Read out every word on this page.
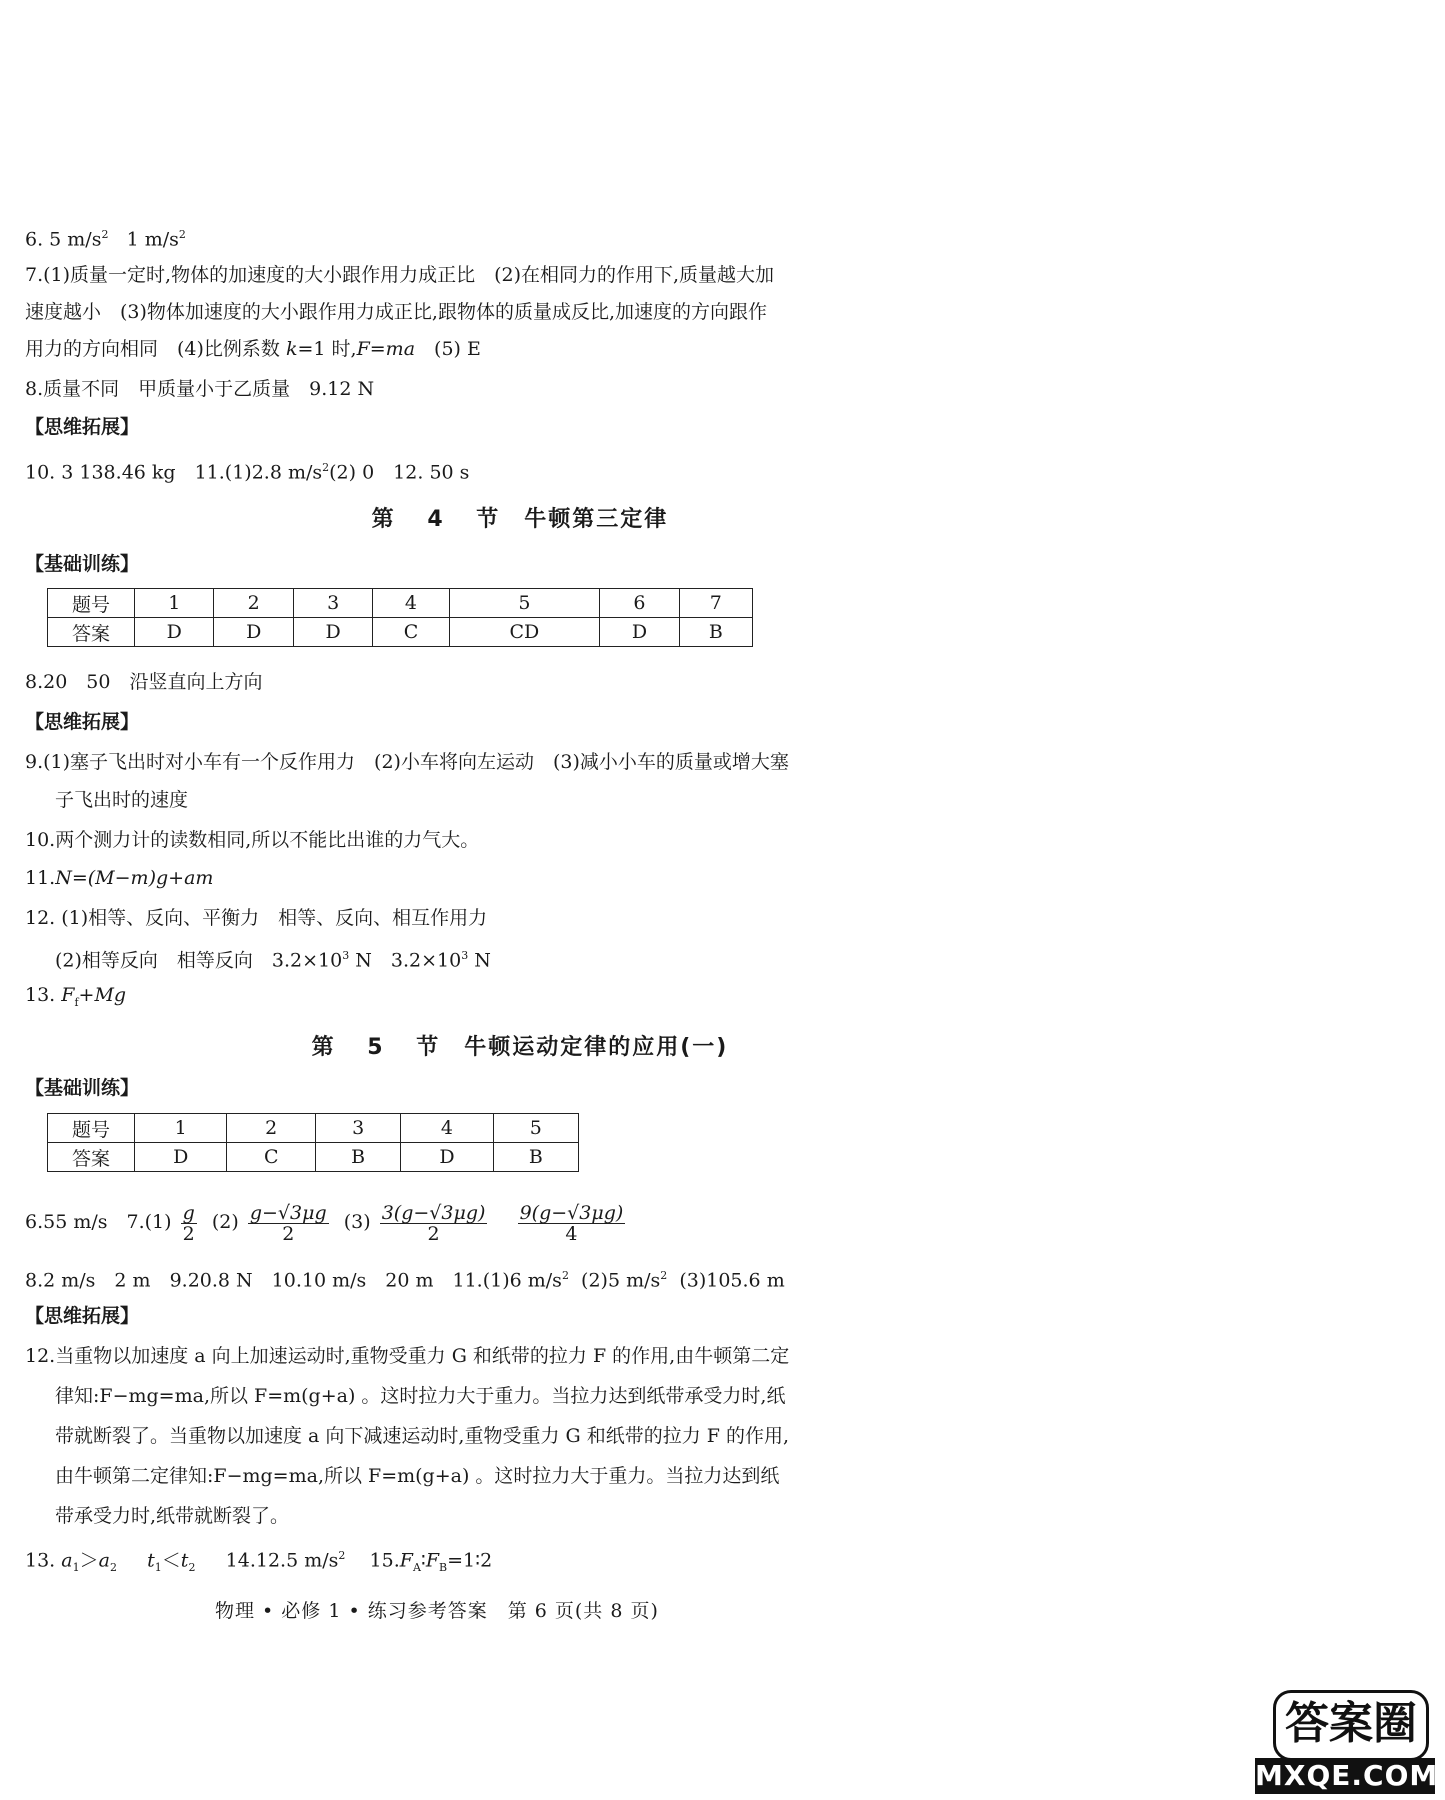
6. 5 $m/s^2$ 1 $m/s^2$
7.(1)质量一定时,物体的加速度的大小跟作用力成正比　(2)在相同力的作用下,质量越大加
速度越小　(3)物体加速度的大小跟作用力成正比,跟物体的质量成反比,加速度的方向跟作
用力的方向相同　(4)比例系数 k=1 时,F=ma　(5) E
8.质量不同　甲质量小于乙质量　9.12 N
【思维拓展】
10. 3 138.46 kg　11.(1)2.8 $m/s^2(2)$ 0　12. 50 s
第 4 节　牛顿第三定律
【基础训练】
题号	1	2	3	4	5	6	7
答案	D	D	D	C	CD	D	B
8.20　50　沿竖直向上方向
【思维拓展】
9.(1)塞子飞出时对小车有一个反作用力　(2)小车将向左运动　(3)减小小车的质量或增大塞
子飞出时的速度
10.两个测力计的读数相同,所以不能比出谁的力气大。
11.N=(M−m)g+am
12. (1)相等、反向、平衡力　相等、反向、相互作用力
(2)相等反向　相等反向　$3.2\times 10^3$ N　$3.2\times 10^3$ N
13. $F_f+Mg$
第 5 节　牛顿运动定律的应用(一)
【基础训练】
题号	1	2	3	4	5
答案	D	C	B	D	B
6.55 m/s　$7.(1) \frac{g}{2} (2) \frac{g-√3\mu g}{2} (3) \frac{3(g-√3\mu g)}{2}$
$\frac{9(g-√3\mu g)}{4}$
8.2 m/s　2 m　9.20.8 N　10.10 m/s　20 m　11.(1)6 $m/s^2$ (2)5 $m/s^2$ (3)105.6 m
【思维拓展】
12.当重物以加速度 a 向上加速运动时,重物受重力 G 和纸带的拉力 F 的作用,由牛顿第二定
律知:F−mg=ma,所以 F=m(g+a) 。这时拉力大于重力。当拉力达到纸带承受力时,纸
带就断裂了。当重物以加速度 a 向下减速运动时,重物受重力 G 和纸带的拉力 F 的作用,
由牛顿第二定律知:F−mg=ma,所以 F=m(g+a) 。这时拉力大于重力。当拉力达到纸
带承受力时,纸带就断裂了。
13. $a_1>a_2$ $t_1<t_2$ 14.12.5 $m/s^2$ $15.F_A∶F_B=1∶2$
物理 • 必修 1 • 练习参考答案　第 6 页(共 8 页)
答案圈
MXQE.COM
